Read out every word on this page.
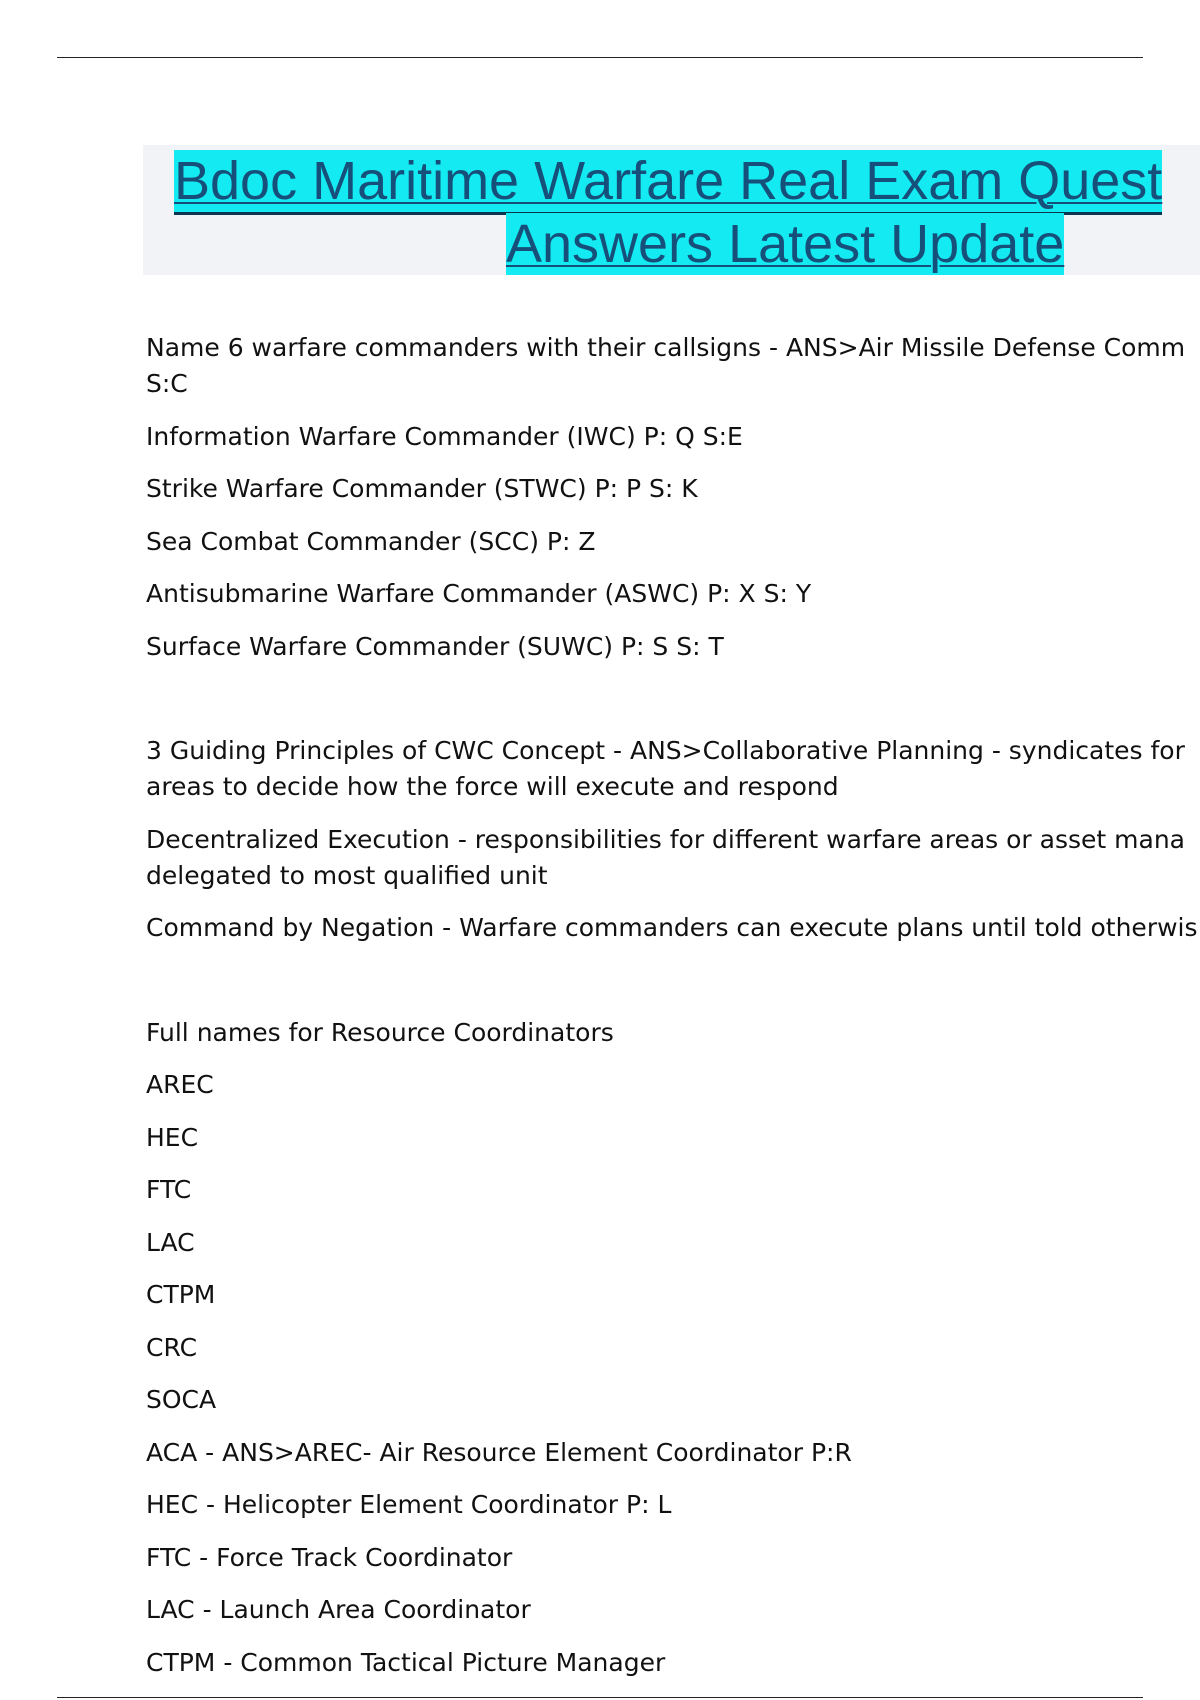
Bdoc Maritime Warfare Real Exam Quest
Answers Latest Update

Name 6 warfare commanders with their callsigns - ANS>Air Missile Defense Comm
S:C

Information Warfare Commander (IWC) P: Q S:E

Strike Warfare Commander (STWC) P: P S: K

Sea Combat Commander (SCC) P: Z

Antisubmarine Warfare Commander (ASWC) P: X S: Y

Surface Warfare Commander (SUWC) P: S S: T

3 Guiding Principles of CWC Concept - ANS>Collaborative Planning - syndicates for
areas to decide how the force will execute and respond

Decentralized Execution - responsibilities for different warfare areas or asset mana
delegated to most qualified unit

Command by Negation - Warfare commanders can execute plans until told otherwis

Full names for Resource Coordinators

AREC

HEC

FTC

LAC

CTPM

CRC

SOCA

ACA - ANS>AREC- Air Resource Element Coordinator P:R

HEC - Helicopter Element Coordinator P: L

FTC - Force Track Coordinator

LAC - Launch Area Coordinator

CTPM - Common Tactical Picture Manager
